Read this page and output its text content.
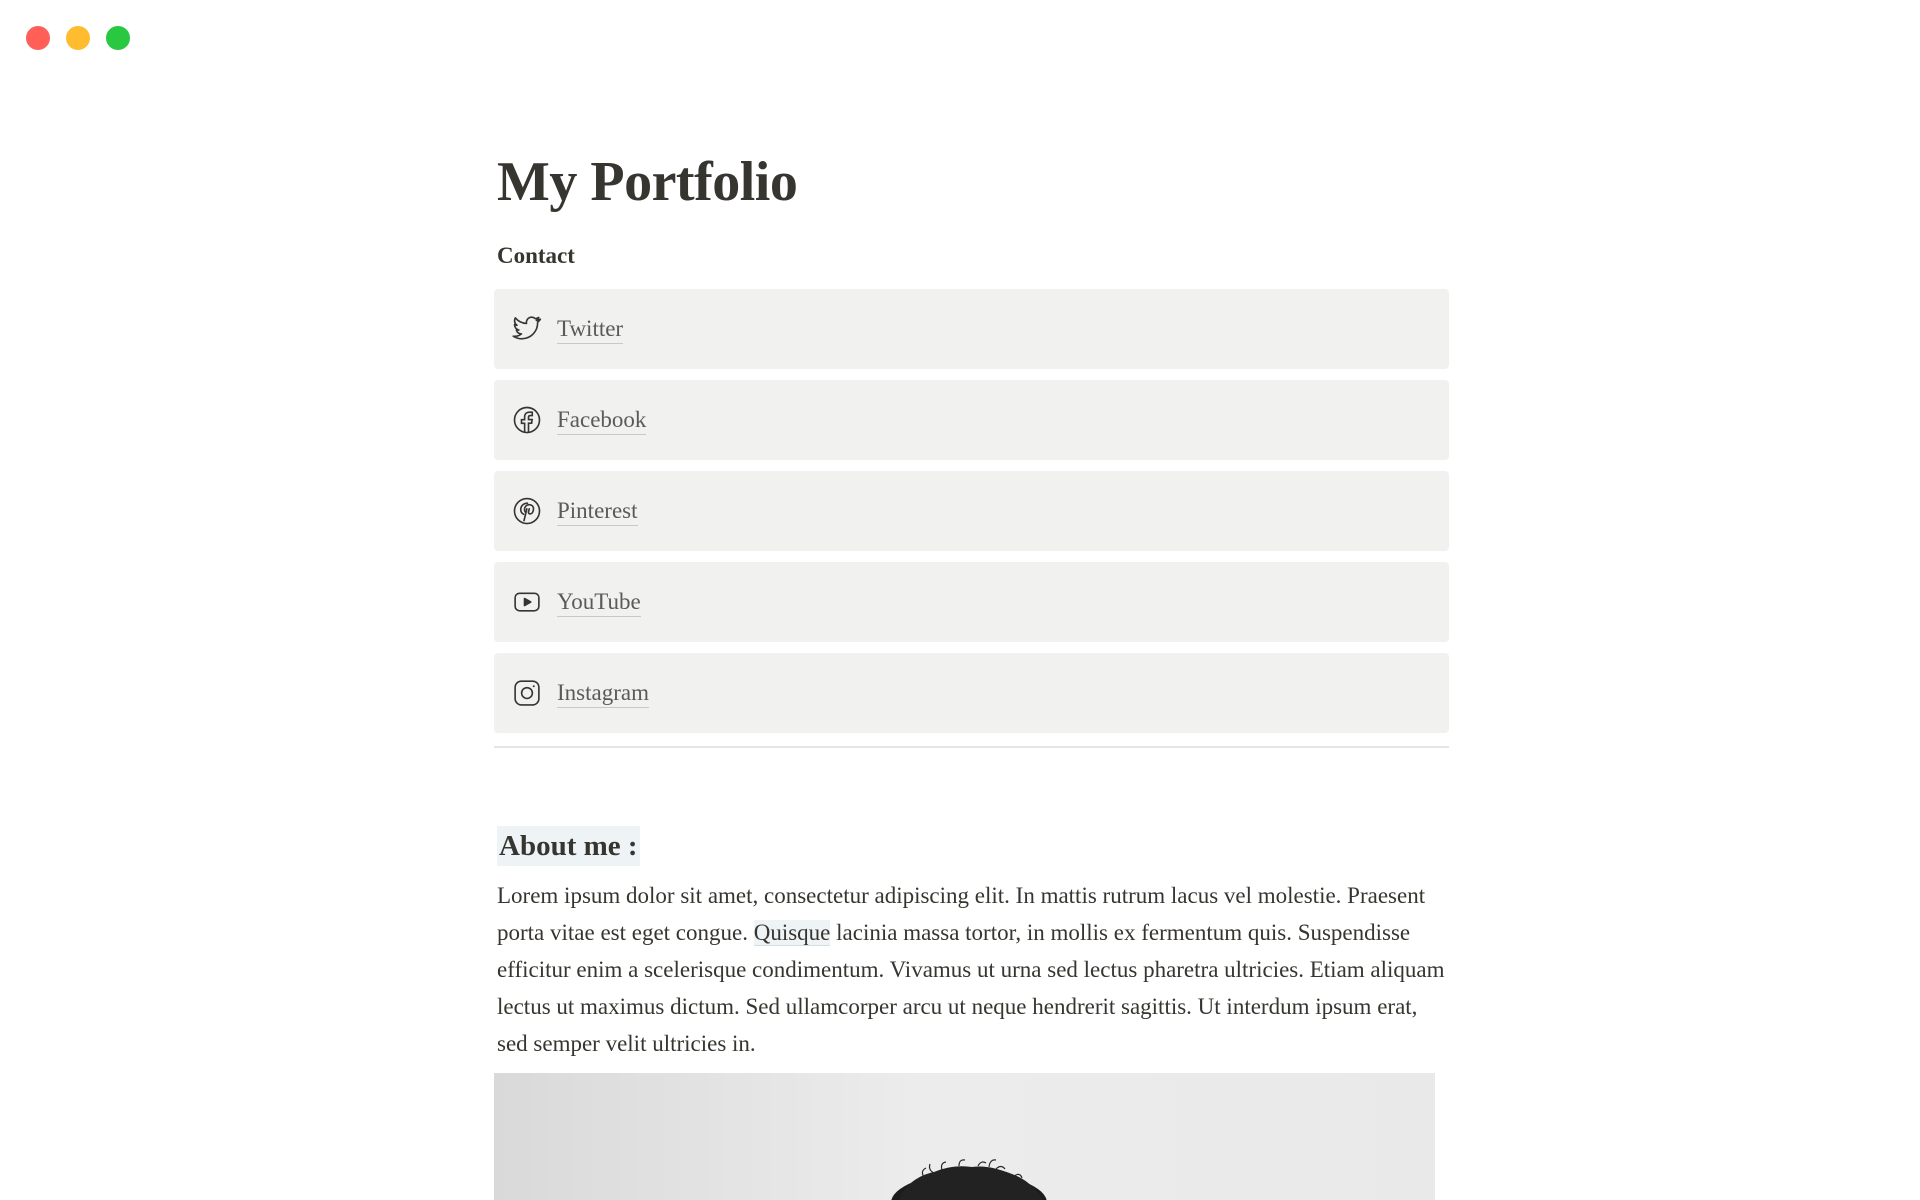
My Portfolio
Contact
Twitter
Facebook
Pinterest
YouTube
Instagram
About me :

Lorem ipsum dolor sit amet, consectetur adipiscing elit. In mattis rutrum lacus vel molestie. Praesent porta vitae est eget congue. Quisque lacinia massa tortor, in mollis ex fermentum quis. Suspendisse efficitur enim a scelerisque condimentum. Vivamus ut urna sed lectus pharetra ultricies. Etiam aliquam lectus ut maximus dictum. Sed ullamcorper arcu ut neque hendrerit sagittis. Ut interdum ipsum erat, sed semper velit ultricies in.
